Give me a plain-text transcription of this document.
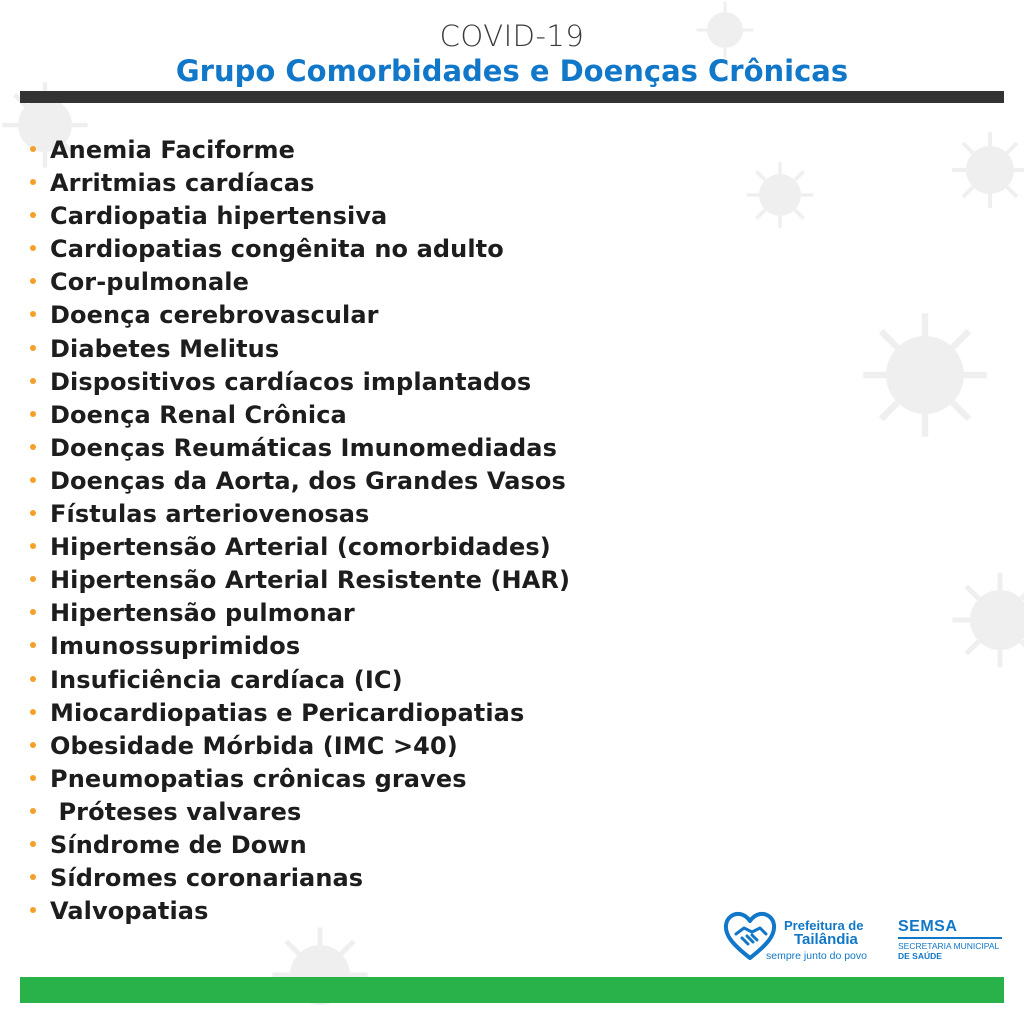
COVID-19
Grupo Comorbidades e Doenças Crônicas
Anemia Faciforme
Arritmias cardíacas
Cardiopatia hipertensiva
Cardiopatias congênita no adulto
Cor-pulmonale
Doença cerebrovascular
Diabetes Melitus
Dispositivos cardíacos implantados
Doença Renal Crônica
Doenças Reumáticas Imunomediadas
Doenças da Aorta, dos Grandes Vasos
Fístulas arteriovenosas
Hipertensão Arterial (comorbidades)
Hipertensão Arterial Resistente (HAR)
Hipertensão pulmonar
Imunossuprimidos
Insuficiência cardíaca (IC)
Miocardiopatias e Pericardiopatias
Obesidade Mórbida (IMC >40)
Pneumopatias crônicas graves
Próteses valvares
Síndrome de Down
Sídromes coronarianas
Valvopatias
Prefeitura de
Tailândia
sempre junto do povo
SEMSA
SECRETARIA MUNICIPAL
DE SAÚDE
